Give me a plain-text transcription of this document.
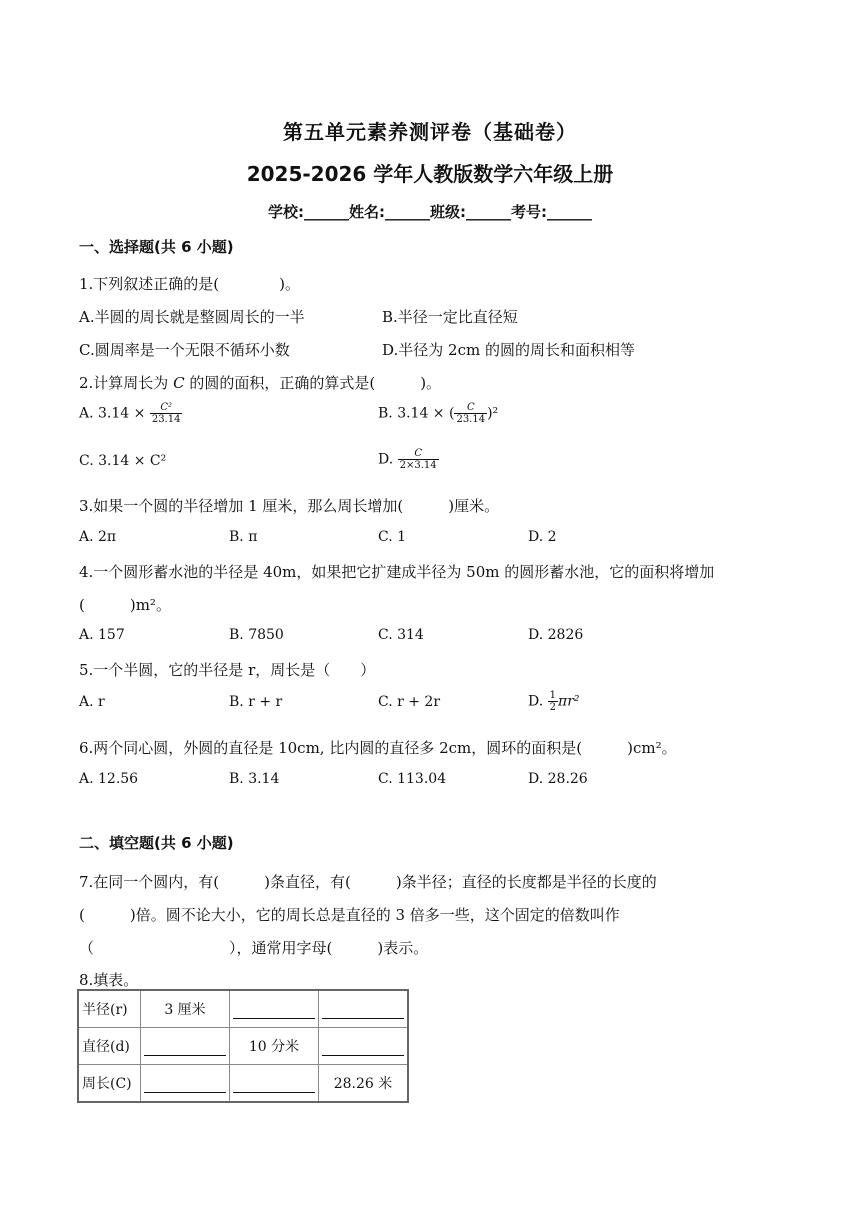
第五单元素养测评卷（基础卷）
2025-2026 学年人教版数学六年级上册
学校:______姓名:______班级:______考号:______
一、选择题(共 6 小题)
1.下列叙述正确的是(　　　　)。
A.半圆的周长就是整圆周长的一半	B.半径一定比直径短
C.圆周率是一个无限不循环小数	D.半径为 2cm 的圆的周长和面积相等
2.计算周长为 C 的圆的面积，正确的算式是(　　　)。
A. $3.14 \times \frac{\text{C²}}{23.14}$	B. 3.14 × ( $\frac{C}{23.14} )^2$
C. 3.14 × C²	D. $\frac{C}{2\times 3.14}$
3.如果一个圆的半径增加 1 厘米，那么周长增加(　　　)厘米。
A. 2π	B. π	C. 1	D. 2
4.一个圆形蓄水池的半径是 40m，如果把它扩建成半径为 50m 的圆形蓄水池，它的面积将增加
(　　　)m²。
A. 157	B. 7850	C. 314	D. 2826
5.一个半圆，它的半径是 r，周长是（　　）
A. r	B. r + r	C. r + 2r	D. $\frac{1}{2} \pi r^2$
6.两个同心圆，外圆的直径是 10cm, 比内圆的直径多 2cm，圆环的面积是(　　　)cm²。
A. 12.56	B. 3.14	C. 113.04	D. 28.26
二、填空题(共 6 小题)
7.在同一个圆内，有(　　　)条直径，有(　　　)条半径；直径的长度都是半径的长度的
(　　　)倍。圆不论大小，它的周长总是直径的 3 倍多一些，这个固定的倍数叫作
（　　　　　　　　　），通常用字母(　　　)表示。
8.填表。
半径(r)	3 厘米		
直径(d)		10 分米	
周长(C)			28.26 米
